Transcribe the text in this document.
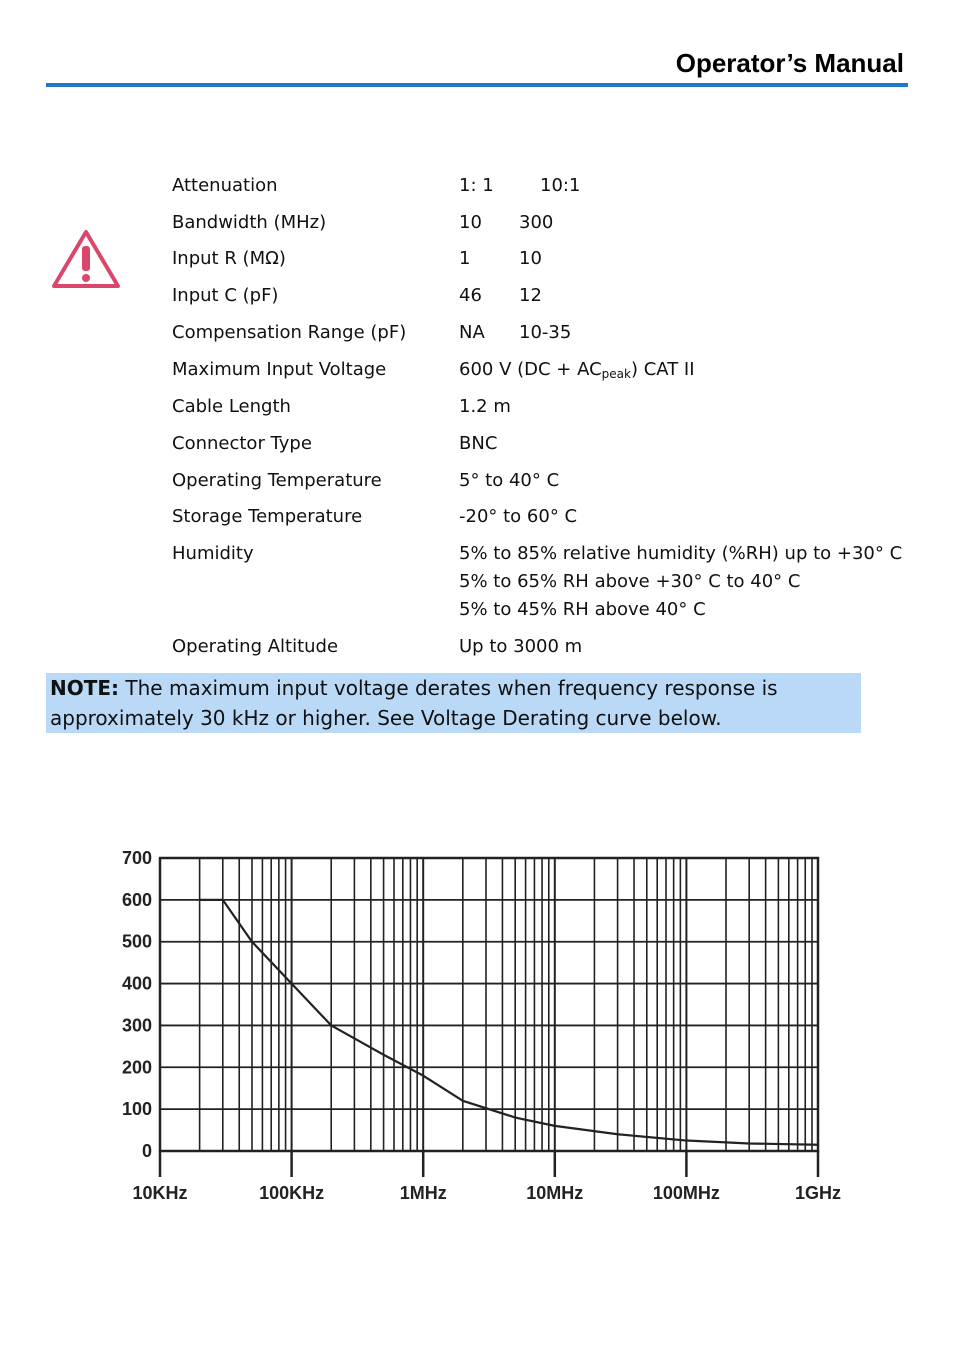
Operator’s Manual
Attenuation	1: 1	10:1
Bandwidth (MHz)	10 300
Input R (MΩ)	1	10
Input C (pF)	46 12
Compensation Range (pF)	NA 10-35
Maximum Input Voltage	600 V $(DC + AC_{peak})$ CAT II
Cable Length	1.2 m
Connector Type	BNC
Operating Temperature	5° to 40° C
Storage Temperature	-20° to 60° C
Humidity	5% to 85% relative humidity (%RH) up to +30° C
5% to 65% RH above +30° C to 40° C
5% to 45% RH above 40° C
Operating Altitude	Up to 3000 m
NOTE: The maximum input voltage derates when frequency response is
approximately 30 kHz or higher. See Voltage Derating curve below.
700
600
500
400
300
200
100
0
10KHz	100KHz	1MHz	10MHz	100MHz	1GHz
